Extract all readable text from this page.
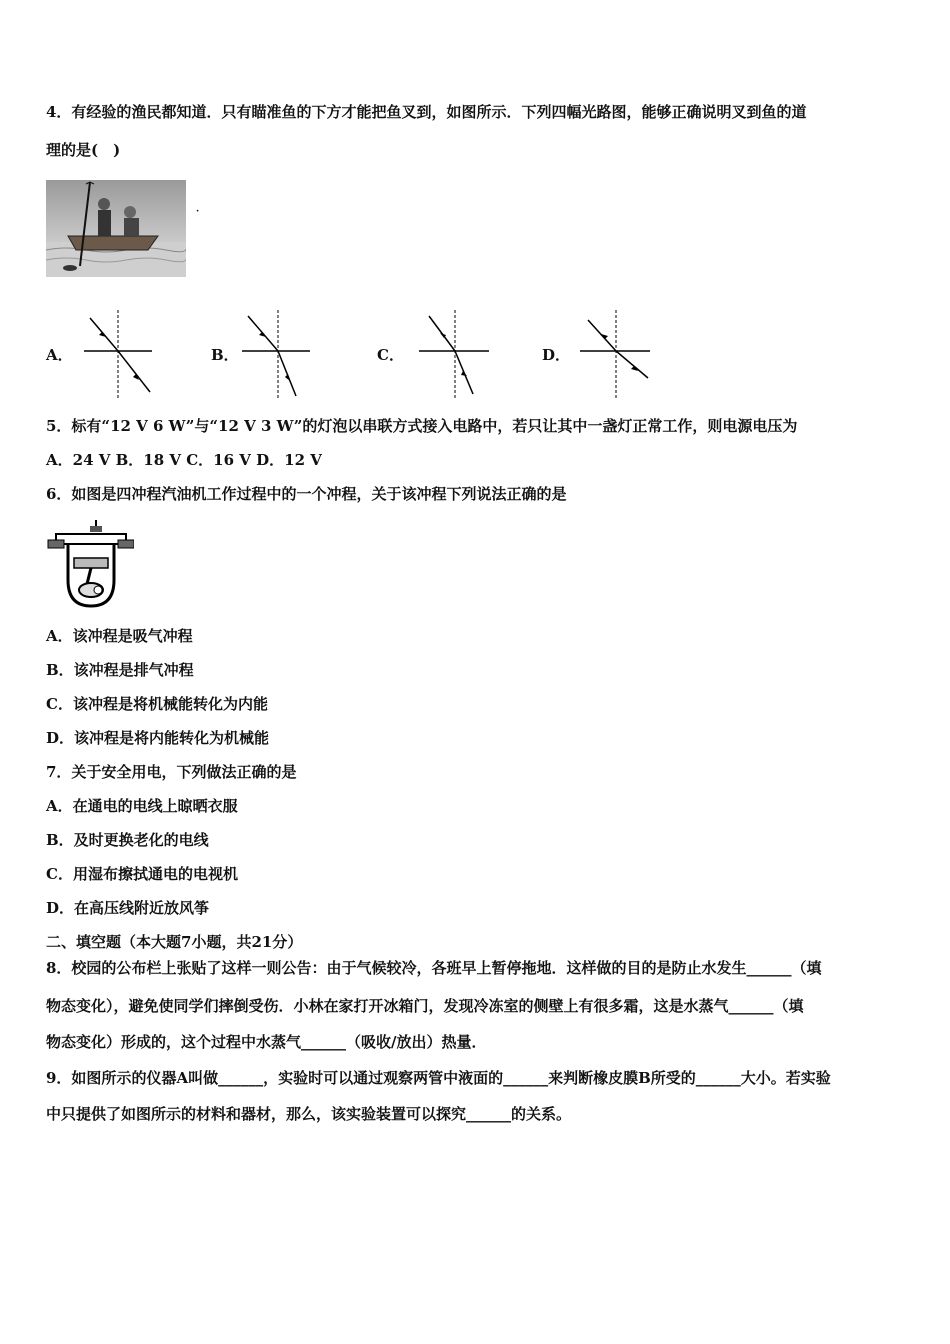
4．有经验的渔民都知道．只有瞄准鱼的下方才能把鱼叉到，如图所示．下列四幅光路图，能够正确说明叉到鱼的道
理的是(　)
·
A．	B．	C．	D．
5．标有“12 V 6 W”与“12 V 3 W”的灯泡以串联方式接入电路中，若只让其中一盏灯正常工作，则电源电压为
A．24 V B．18 V C．16 V D．12 V
6．如图是四冲程汽油机工作过程中的一个冲程，关于该冲程下列说法正确的是
A．该冲程是吸气冲程
B．该冲程是排气冲程
C．该冲程是将机械能转化为内能
D．该冲程是将内能转化为机械能
7．关于安全用电，下列做法正确的是
A．在通电的电线上晾晒衣服
B．及时更换老化的电线
C．用湿布擦拭通电的电视机
D．在高压线附近放风筝
二、填空题（本大题7小题，共21分）
8．校园的公布栏上张贴了这样一则公告：由于气候较冷，各班早上暂停拖地．这样做的目的是防止水发生______（填
物态变化），避免使同学们摔倒受伤．小林在家打开冰箱门，发现冷冻室的侧壁上有很多霜，这是水蒸气______（填
物态变化）形成的，这个过程中水蒸气______（吸收/放出）热量．
9．如图所示的仪器A叫做______，实验时可以通过观察两管中液面的______来判断橡皮膜B所受的______大小。若实验
中只提供了如图所示的材料和器材，那么，该实验装置可以探究______的关系。
